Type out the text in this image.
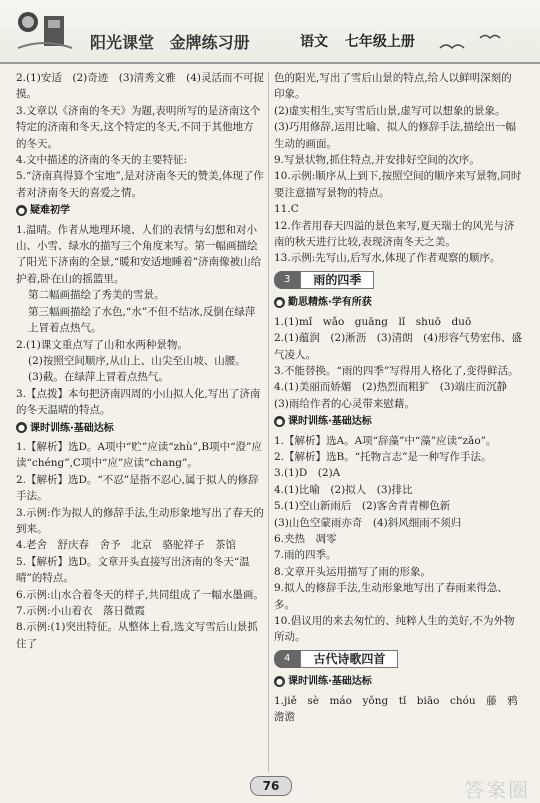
阳光课堂 金牌练习册	语文 七年级上册

2.(1)安适　(2)奇迹　(3)清秀文雅　(4)灵活而不可捉摸。

3.文章以《济南的冬天》为题,表明所写的是济南这个特定的济南和冬天,这个特定的冬天,不同于其他地方的冬天。

4.文中描述的济南的冬天的主要特征:

5.“济南真得算个宝地”,是对济南冬天的赞美,体现了作者对济南冬天的喜爱之情。

● 疑难初学

1.温晴。作者从地理环境、人们的表情与幻想和对小山、小雪、绿水的描写三个角度来写。第一幅画描绘了阳光下济南的全景,“暖和安适地睡着”济南像被山给护着,卧在山的摇篮里。

第二幅画描绘了秀美的雪景。

第三幅画描绘了水色,“水”不但不结冰,反倒在绿萍上冒着点热气。

2.(1)课文重点写了山和水两种景物。

(2)按照空间顺序,从山上、山尖至山坡、山腰。

(3)截。在绿萍上冒着点热气。

3.【点拨】本句把济南四周的小山拟人化,写出了济南的冬天温晴的特点。

● 课时训练·基础达标

1.【解析】选D。A项中“贮”应读“zhù”,B项中“澄”应读“chéng”,C项中“应”应读“chang”。

2.【解析】选D。“不忍”是指不忍心,属于拟人的修辞手法。

3.示例:作为拟人的修辞手法,生动形象地写出了春天的到来。

4.老舍　舒庆春　舍予　北京　骆驼祥子　茶馆

5.【解析】选D。文章开头直接写出济南的冬天“温晴”的特点。

6.示例:山水合着冬天的样子,共同组成了一幅水墨画。

7.示例:小山着衣　落日微霞

8.示例:(1)突出特征。从整体上看,选文写雪后山景抓住了

色的阳光,写出了雪后山景的特点,给人以鲜明深刻的印象。

(2)虚实相生,实写雪后山景,虚写可以想象的景象。

(3)巧用修辞,运用比喻、拟人的修辞手法,描绘出一幅生动的画面。

9.写景状物,抓住特点,并安排好空间的次序。

10.示例:顺序从上到下,按照空间的顺序来写景物,同时要注意描写景物的特点。

11.C

12.作者用春天四溢的景色来写,夏天瑞士的风光与济南的秋天进行比较,表现济南冬天之美。

13.示例:先写山,后写水,体现了作者观察的顺序。

3	雨的四季

● 勤思精炼·学有所获

1.(1)mǐ　wǎo　guāng　lǐ　shuō　duō

2.(1)蕴润　(2)淅沥　(3)清朗　(4)形容气势宏伟、盛气凌人。

3.不能替换。“雨的四季”写得用人格化了,变得鲜活。

4.(1)美丽而娇媚　(2)热烈而粗犷　(3)端庄而沉静

(3)雨给作者的心灵带来慰藉。

● 课时训练·基础达标

1.【解析】选A。A项“辞藻”中“藻”应读“zǎo”。

2.【解析】选B。“托物言志”是一种写作手法。

3.(1)D　(2)A

4.(1)比喻　(2)拟人　(3)排比

5.(1)空山新雨后　(2)客舍青青柳色新

(3)山色空蒙雨亦奇　(4)斜风细雨不须归

6.夹热　凋零

7.雨的四季。

8.文章开头运用描写了雨的形象。

9.拟人的修辞手法,生动形象地写出了春雨来得急、多。

10.倡议用的来去匆忙的、纯粹人生的美好,不为外物所动。

4	古代诗歌四首

● 课时训练·基础达标

1.jiě　sè　máo　yǒng　tǐ　biāo　chóu　藤　鸦　澹澹

76	答案圈
